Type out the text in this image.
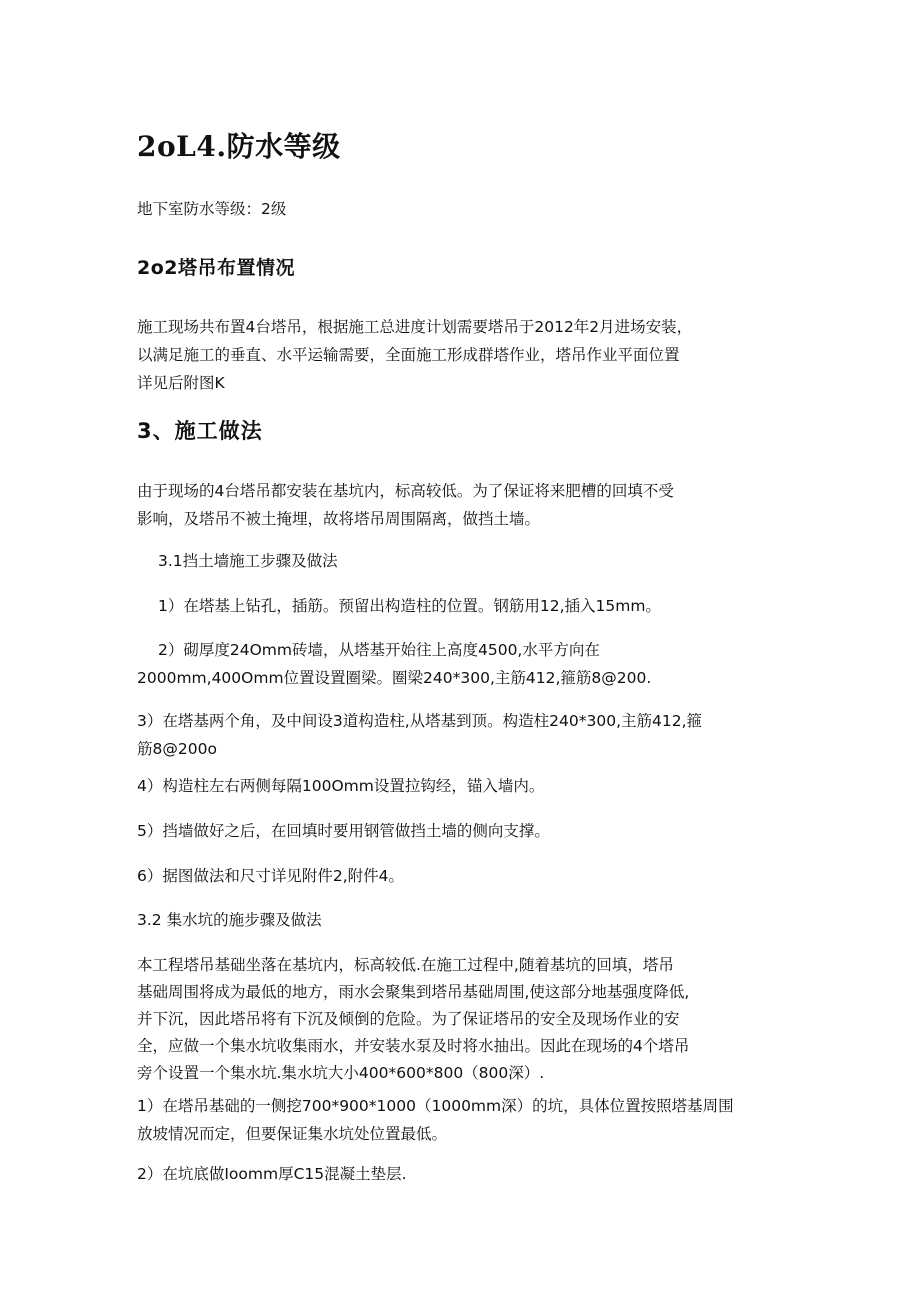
2oL4.防水等级

地下室防水等级：2级

2o2塔吊布置情况

施工现场共布置4台塔吊，根据施工总进度计划需要塔吊于2012年2月进场安装，
以满足施工的垂直、水平运输需要，全面施工形成群塔作业，塔吊作业平面位置
详见后附图K

3、施工做法

由于现场的4台塔吊都安装在基坑内，标高较低。为了保证将来肥槽的回填不受
影响，及塔吊不被土掩埋，故将塔吊周围隔离，做挡土墙。

3.1挡土墙施工步骤及做法

1）在塔基上钻孔，插筋。预留出构造柱的位置。钢筋用12,插入15mm。

2）砌厚度24Omm砖墙，从塔基开始往上高度4500,水平方向在
2000mm,400Omm位置设置圈梁。圈梁240*300,主筋412,箍筋8@200.

3）在塔基两个角，及中间设3道构造柱,从塔基到顶。构造柱240*300,主筋412,箍
筋8@200o

4）构造柱左右两侧每隔100Omm设置拉钩经，锚入墙内。

5）挡墙做好之后，在回填时要用钢管做挡土墙的侧向支撑。

6）据图做法和尺寸详见附件2,附件4。

3.2 集水坑的施步骤及做法

本工程塔吊基础坐落在基坑内，标高较低.在施工过程中,随着基坑的回填，塔吊
基础周围将成为最低的地方，雨水会聚集到塔吊基础周围,使这部分地基强度降低,
并下沉，因此塔吊将有下沉及倾倒的危险。为了保证塔吊的安全及现场作业的安
全，应做一个集水坑收集雨水，并安装水泵及时将水抽出。因此在现场的4个塔吊
旁个设置一个集水坑.集水坑大小400*600*800（800深）.

1）在塔吊基础的一侧挖700*900*1000（1000mm深）的坑，具体位置按照塔基周围
放坡情况而定，但要保证集水坑处位置最低。

2）在坑底做Ioomm厚C15混凝土垫层.
